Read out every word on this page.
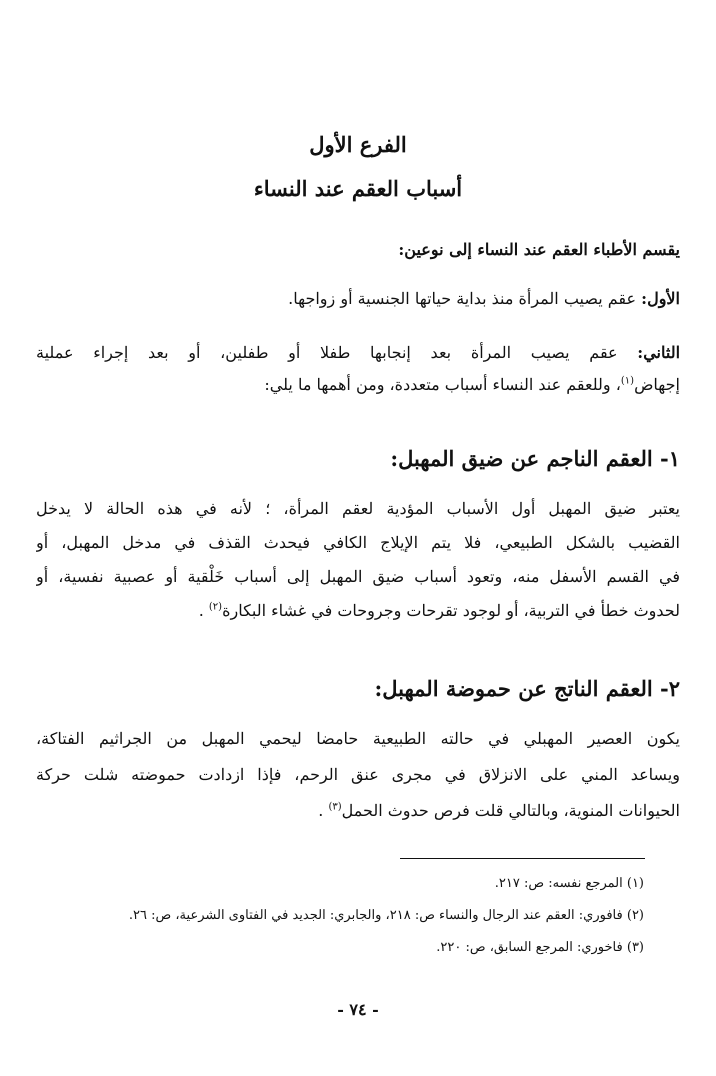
الفرع الأول
أسباب العقم عند النساء
يقسم الأطباء العقم عند النساء إلى نوعين:
الأول: عقم يصيب المرأة منذ بداية حياتها الجنسية أو زواجها.
الثاني: عقم يصيب المرأة بعد إنجابها طفلا أو طفلين، أو بعد إجراء عملية
إجهاض$^{(١)}$، وللعقم عند النساء أسباب متعددة، ومن أهمها ما يلي:
١- العقم الناجم عن ضيق المهبل:
يعتبر ضيق المهبل أول الأسباب المؤدية لعقم المرأة، ؛ لأنه في هذه الحالة لا يدخل
القضيب بالشكل الطبيعي، فلا يتم الإيلاج الكافي فيحدث القذف في مدخل المهبل، أو
في القسم الأسفل منه، وتعود أسباب ضيق المهبل إلى أسباب خَلْقية أو عصبية نفسية، أو
لحدوث خطأ في التربية، أو لوجود تقرحات وجروحات في غشاء البكارة$^{(٢)}$ .
٢- العقم الناتج عن حموضة المهبل:
يكون العصير المهبلي في حالته الطبيعية حامضا ليحمي المهبل من الجراثيم الفتاكة،
ويساعد المني على الانزلاق في مجرى عنق الرحم، فإذا ازدادت حموضته شلت حركة
الحيوانات المنوية، وبالتالي قلت فرص حدوث الحمل$^{(٣)}$ .
(١) المرجع نفسه: ص: ٢١٧.
(٢) فافوري: العقم عند الرجال والنساء ص: ٢١٨، والجابري: الجديد في الفتاوى الشرعية، ص: ٢٦.
(٣) فاخوري: المرجع السابق، ص: ٢٢٠.
- ٧٤ -
